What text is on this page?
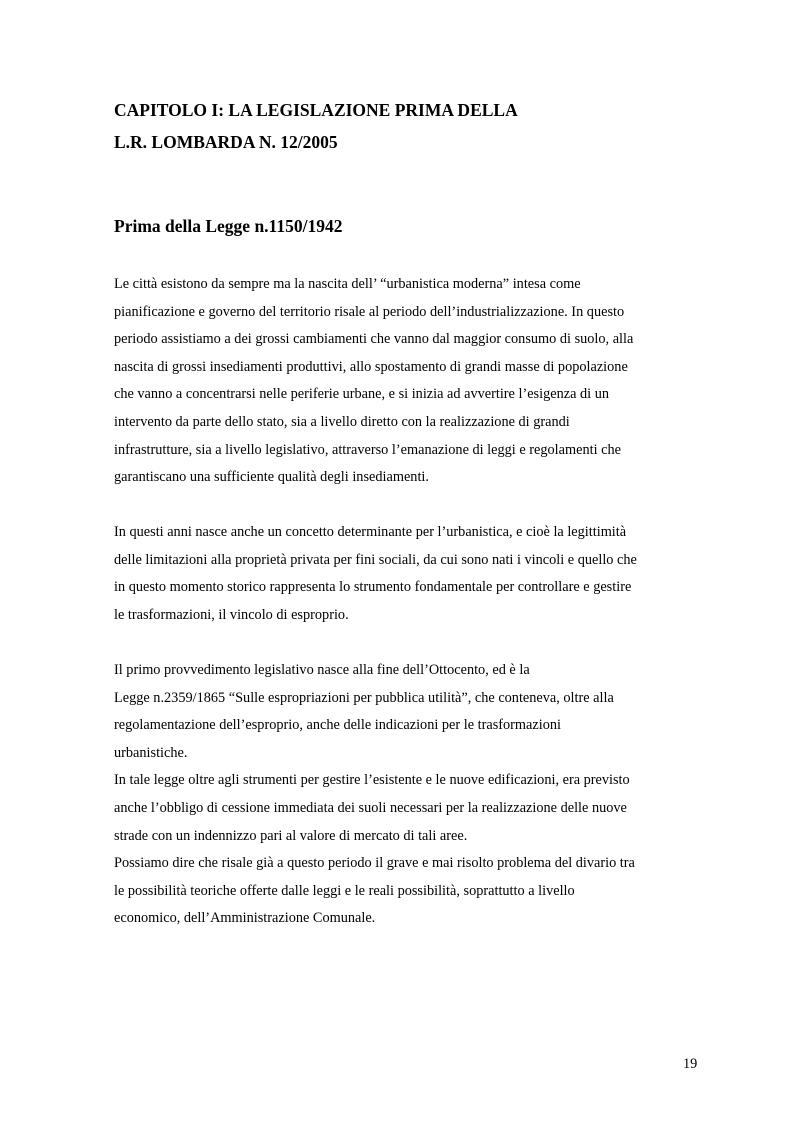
CAPITOLO I: LA LEGISLAZIONE PRIMA DELLA
L.R. LOMBARDA N. 12/2005
Prima della Legge n.1150/1942
Le città esistono da sempre ma la nascita dell’ “urbanistica moderna” intesa come
pianificazione e governo del territorio risale al periodo dell’industrializzazione. In questo
periodo assistiamo a dei grossi cambiamenti che vanno dal maggior consumo di suolo, alla
nascita di grossi insediamenti produttivi, allo spostamento di grandi masse di popolazione
che vanno a concentrarsi nelle periferie urbane, e si inizia ad avvertire l’esigenza di un
intervento da parte dello stato, sia a livello diretto con la realizzazione di grandi
infrastrutture, sia a livello legislativo, attraverso l’emanazione di leggi e regolamenti che
garantiscano una sufficiente qualità degli insediamenti.
In questi anni nasce anche un concetto determinante per l’urbanistica, e cioè la legittimità
delle limitazioni alla proprietà privata per fini sociali, da cui sono nati i vincoli e quello che
in questo momento storico rappresenta lo strumento fondamentale per controllare e gestire
le trasformazioni, il vincolo di esproprio.
Il primo provvedimento legislativo nasce alla fine dell’Ottocento, ed è la
Legge n.2359/1865 “Sulle espropriazioni per pubblica utilità”, che conteneva, oltre alla
regolamentazione dell’esproprio, anche delle indicazioni per le trasformazioni
urbanistiche.
In tale legge oltre agli strumenti per gestire l’esistente e le nuove edificazioni, era previsto
anche l’obbligo di cessione immediata dei suoli necessari per la realizzazione delle nuove
strade con un indennizzo pari al valore di mercato di tali aree.
Possiamo dire che risale già a questo periodo il grave e mai risolto problema del divario tra
le possibilità teoriche offerte dalle leggi e le reali possibilità, soprattutto a livello
economico, dell’Amministrazione Comunale.
19
